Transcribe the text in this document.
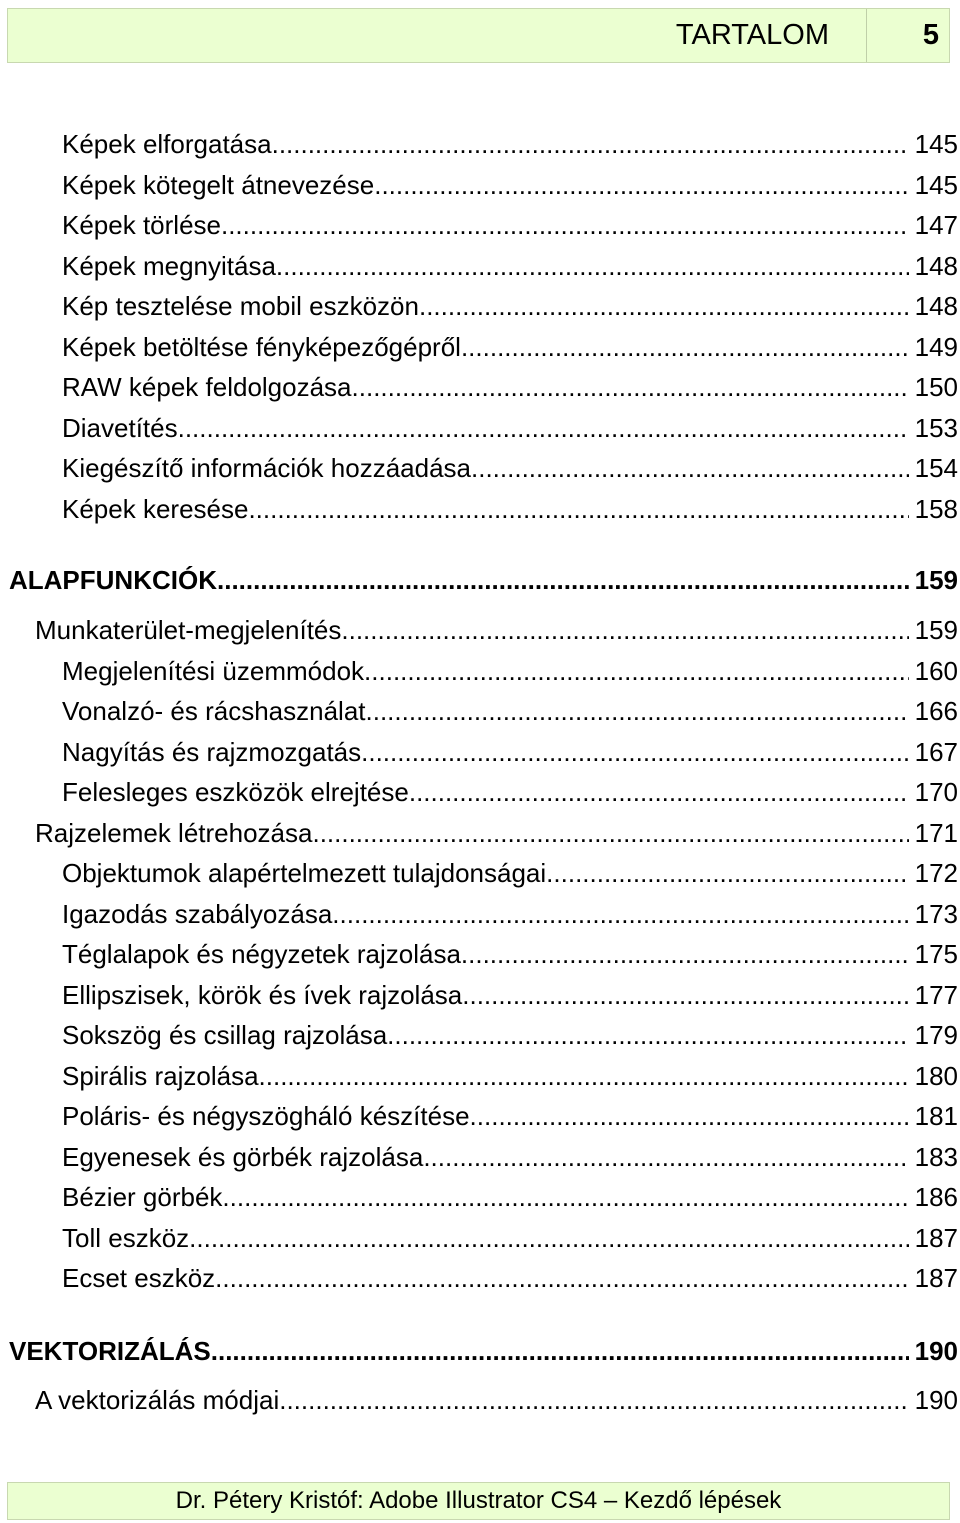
TARTALOM	5
Képek elforgatása .....	145
Képek kötegelt átnevezése .....	145
Képek törlése .....	147
Képek megnyitása .....	148
Kép tesztelése mobil eszközön .....	148
Képek betöltése fényképezőgépről .....	149
RAW képek feldolgozása .....	150
Diavetítés .....	153
Kiegészítő információk hozzáadása .....	154
Képek keresése .....	158
ALAPFUNKCIÓK .....	159
Munkaterület-megjelenítés .....	159
Megjelenítési üzemmódok .....	160
Vonalzó- és rácshasználat .....	166
Nagyítás és rajzmozgatás .....	167
Felesleges eszközök elrejtése .....	170
Rajzelemek létrehozása .....	171
Objektumok alapértelmezett tulajdonságai .....	172
Igazodás szabályozása .....	173
Téglalapok és négyzetek rajzolása .....	175
Ellipszisek, körök és ívek rajzolása .....	177
Sokszög és csillag rajzolása .....	179
Spirális rajzolása .....	180
Poláris- és négyszögháló készítése .....	181
Egyenesek és görbék rajzolása .....	183
Bézier görbék .....	186
Toll eszköz .....	187
Ecset eszköz .....	187
VEKTORIZÁLÁS .....	190
A vektorizálás módjai .....	190
Dr. Pétery Kristóf: Adobe Illustrator CS4 – Kezdő lépések
